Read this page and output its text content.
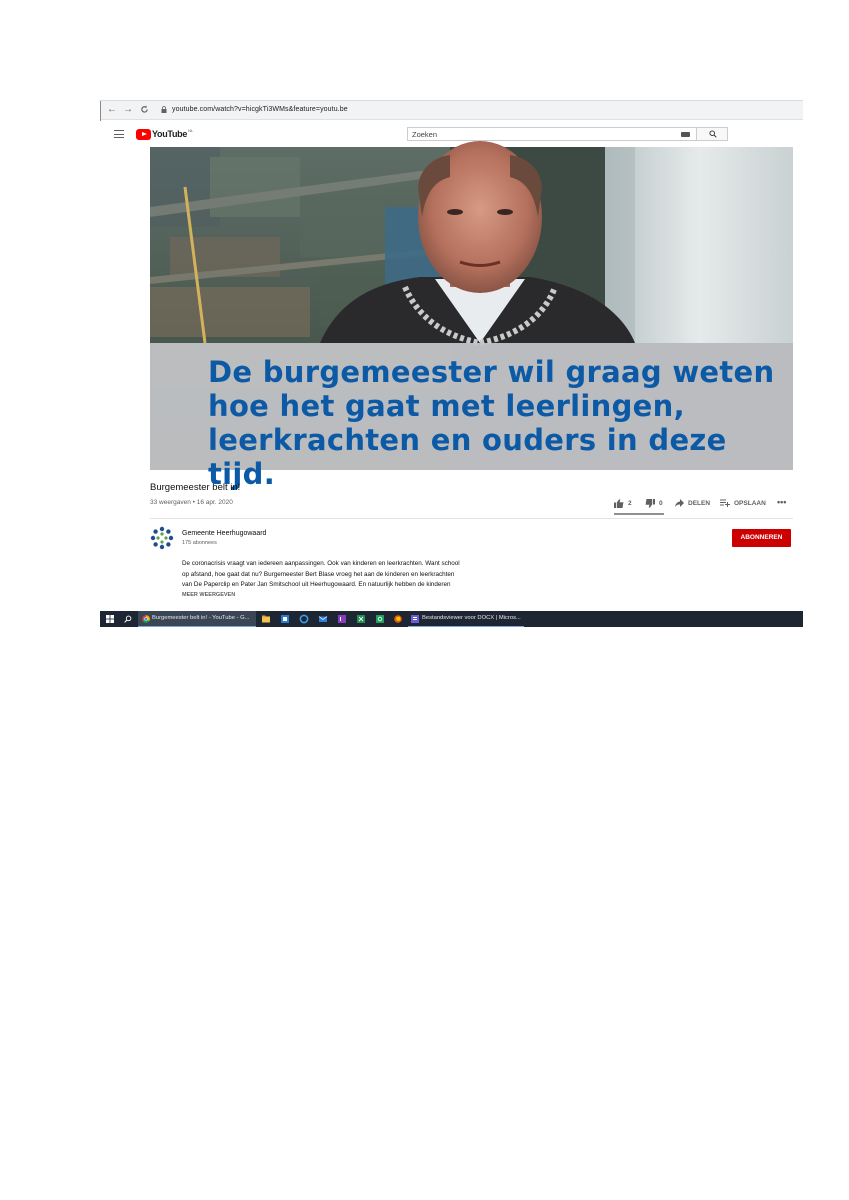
← →	youtube.com/watch?v=hicgkTi3WMs&feature=youtu.be
YouTube NL	Zoeken
De burgemeester wil graag weten
hoe het gaat met leerlingen,
leerkrachten en ouders in deze tijd.
Burgemeester belt in!
33 weergaven • 16 apr. 2020	2	0	DELEN	OPSLAAN •••
Gemeente Heerhugowaard
175 abonnees
ABONNEREN
De coronacrisis vraagt van iedereen aanpassingen. Ook van kinderen en leerkrachten. Want school
op afstand, hoe gaat dat nu? Burgemeester Bert Blase vroeg het aan de kinderen en leerkrachten
van De Paperclip en Pater Jan Smitschool uit Heerhugowaard. En natuurlijk hebben de kinderen
MEER WEERGEVEN
Burgemeester belt in! - YouTube - G...	Bestandsviewer voor DOCX | Micros...
